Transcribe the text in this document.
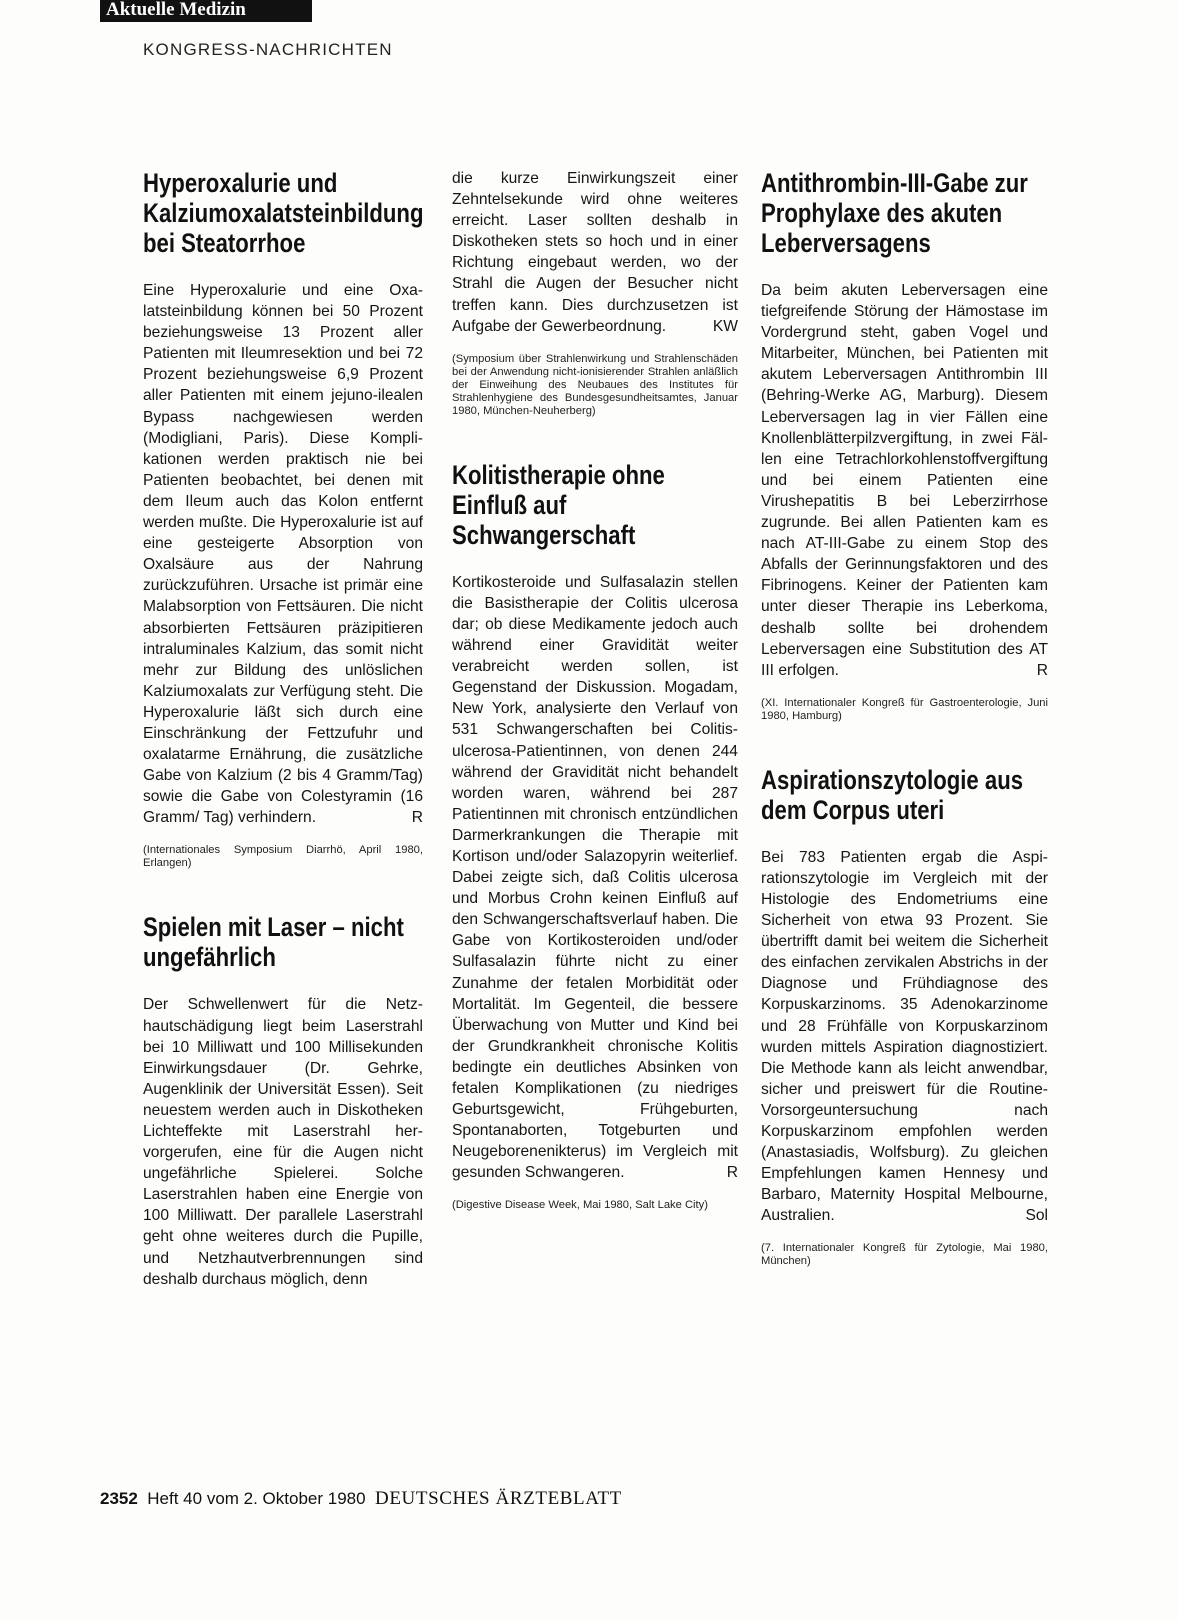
Aktuelle Medizin
KONGRESS-NACHRICHTEN
Hyperoxalurie und Kalziumoxalatsteinbildung bei Steatorrhoe

Eine Hyperoxalurie und eine Oxalatsteinbildung können bei 50 Prozent beziehungsweise 13 Prozent aller Patienten mit Ileumresektion und bei 72 Prozent beziehungsweise 6,9 Prozent aller Patienten mit einem jejuno-ilealen Bypass nachgewiesen werden (Modigliani, Paris). Diese Komplikationen werden praktisch nie bei Patienten beobachtet, bei denen mit dem Ileum auch das Kolon entfernt werden mußte. Die Hyperoxalurie ist auf eine gesteigerte Absorption von Oxalsäure aus der Nahrung zurückzuführen. Ursache ist primär eine Malabsorption von Fettsäuren. Die nicht absorbierten Fettsäuren präzipitieren intraluminales Kalzium, das somit nicht mehr zur Bildung des unlöslichen Kalziumoxalats zur Verfügung steht. Die Hyperoxalurie läßt sich durch eine Einschränkung der Fettzufuhr und oxalatarme Ernährung, die zusätzliche Gabe von Kalzium (2 bis 4 Gramm/Tag) sowie die Gabe von Colestyramin (16 Gramm/ Tag) verhindern.	R

(Internationales Symposium Diarrhö, April 1980, Erlangen)

Spielen mit Laser – nicht ungefährlich

Der Schwellenwert für die Netzhautschädigung liegt beim Laserstrahl bei 10 Milliwatt und 100 Millisekunden Einwirkungsdauer (Dr. Gehrke, Augenklinik der Universität Essen). Seit neuestem werden auch in Diskotheken Lichteffekte mit Laserstrahl hervorgerufen, eine für die Augen nicht ungefährliche Spielerei. Solche Laserstrahlen haben eine Energie von 100 Milliwatt. Der parallele Laserstrahl geht ohne weiteres durch die Pupille, und Netzhautverbrennungen sind deshalb durchaus möglich, denn

die kurze Einwirkungszeit einer Zehntelsekunde wird ohne weiteres erreicht. Laser sollten deshalb in Diskotheken stets so hoch und in einer Richtung eingebaut werden, wo der Strahl die Augen der Besucher nicht treffen kann. Dies durchzusetzen ist Aufgabe der Gewerbeordnung.	KW

(Symposium über Strahlenwirkung und Strahlenschäden bei der Anwendung nicht-ionisierender Strahlen anläßlich der Einweihung des Neubaues des Institutes für Strahlenhygiene des Bundesgesundheitsamtes, Januar 1980, München-Neuherberg)

Kolitistherapie ohne Einfluß auf Schwangerschaft

Kortikosteroide und Sulfasalazin stellen die Basistherapie der Colitis ulcerosa dar; ob diese Medikamente jedoch auch während einer Gravidität weiter verabreicht werden sollen, ist Gegenstand der Diskussion. Mogadam, New York, analysierte den Verlauf von 531 Schwangerschaften bei Colitis-ulcerosa-Patientinnen, von denen 244 während der Gravidität nicht behandelt worden waren, während bei 287 Patientinnen mit chronisch entzündlichen Darmerkrankungen die Therapie mit Kortison und/oder Salazopyrin weiterlief. Dabei zeigte sich, daß Colitis ulcerosa und Morbus Crohn keinen Einfluß auf den Schwangerschaftsverlauf haben. Die Gabe von Kortikosteroiden und/oder Sulfasalazin führte nicht zu einer Zunahme der fetalen Morbidität oder Mortalität. Im Gegenteil, die bessere Überwachung von Mutter und Kind bei der Grundkrankheit chronische Kolitis bedingte ein deutliches Absinken von fetalen Komplikationen (zu niedriges Geburtsgewicht, Frühgeburten, Spontanaborten, Totgeburten und Neugeborenenikterus) im Vergleich mit gesunden Schwangeren.	R

(Digestive Disease Week, Mai 1980, Salt Lake City)

Antithrombin-III-Gabe zur Prophylaxe des akuten Leberversagens

Da beim akuten Leberversagen eine tiefgreifende Störung der Hämostase im Vordergrund steht, gaben Vogel und Mitarbeiter, München, bei Patienten mit akutem Leberversagen Antithrombin III (Behring-Werke AG, Marburg). Diesem Leberversagen lag in vier Fällen eine Knollenblätterpilzvergiftung, in zwei Fällen eine Tetrachlorkohlenstoffvergiftung und bei einem Patienten eine Virushepatitis B bei Leberzirrhose zugrunde. Bei allen Patienten kam es nach AT-III-Gabe zu einem Stop des Abfalls der Gerinnungsfaktoren und des Fibrinogens. Keiner der Patienten kam unter dieser Therapie ins Leberkoma, deshalb sollte bei drohendem Leberversagen eine Substitution des AT III erfolgen.	R

(XI. Internationaler Kongreß für Gastroenterologie, Juni 1980, Hamburg)

Aspirationszytologie aus dem Corpus uteri

Bei 783 Patienten ergab die Aspirationszytologie im Vergleich mit der Histologie des Endometriums eine Sicherheit von etwa 93 Prozent. Sie übertrifft damit bei weitem die Sicherheit des einfachen zervikalen Abstrichs in der Diagnose und Frühdiagnose des Korpuskarzinoms. 35 Adenokarzinome und 28 Frühfälle von Korpuskarzinom wurden mittels Aspiration diagnostiziert. Die Methode kann als leicht anwendbar, sicher und preiswert für die Routine-Vorsorgeuntersuchung nach Korpuskarzinom empfohlen werden (Anastasiadis, Wolfsburg). Zu gleichen Empfehlungen kamen Hennesy und Barbaro, Maternity Hospital Melbourne, Australien.	Sol

(7. Internationaler Kongreß für Zytologie, Mai 1980, München)

2352 Heft 40 vom 2. Oktober 1980 DEUTSCHES ÄRZTEBLATT
